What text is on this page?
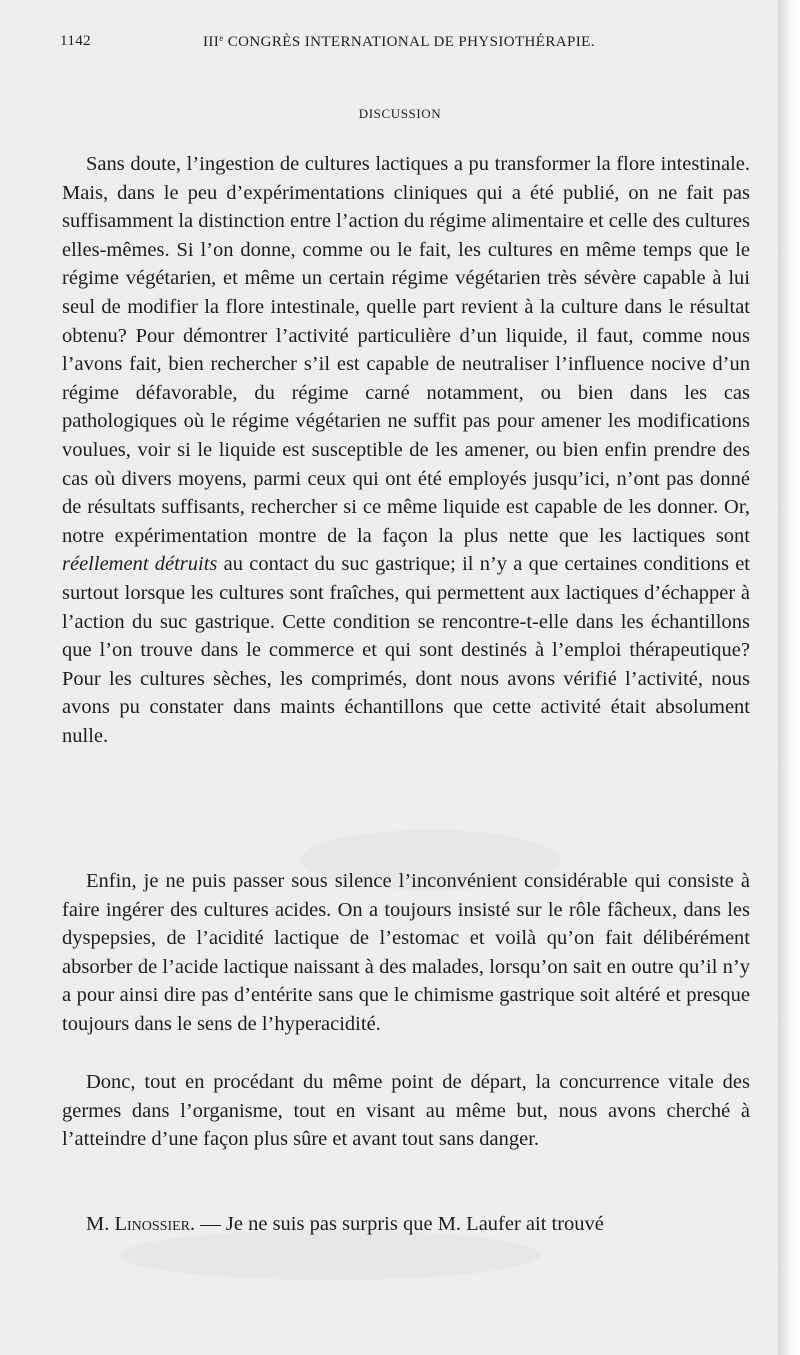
1142	IIIe CONGRÈS INTERNATIONAL DE PHYSIOTHÉRAPIE.
DISCUSSION

Sans doute, l’ingestion de cultures lactiques a pu transformer la flore intestinale. Mais, dans le peu d’expérimentations cliniques qui a été publié, on ne fait pas suffisamment la distinction entre l’action du régime alimentaire et celle des cultures elles-mêmes. Si l’on donne, comme ou le fait, les cultures en même temps que le régime végétarien, et même un certain régime végétarien très sévère capable à lui seul de modifier la flore intestinale, quelle part revient à la culture dans le résultat obtenu? Pour démontrer l’activité particulière d’un liquide, il faut, comme nous l’avons fait, bien rechercher s’il est capable de neutraliser l’influence nocive d’un régime défavorable, du régime carné notamment, ou bien dans les cas pathologiques où le régime végétarien ne suffit pas pour amener les modifications voulues, voir si le liquide est susceptible de les amener, ou bien enfin prendre des cas où divers moyens, parmi ceux qui ont été employés jusqu’ici, n’ont pas donné de résultats suffisants, rechercher si ce même liquide est capable de les donner. Or, notre expérimentation montre de la façon la plus nette que les lactiques sont réellement détruits au contact du suc gastrique; il n’y a que certaines conditions et surtout lorsque les cultures sont fraîches, qui permettent aux lactiques d’échapper à l’action du suc gastrique. Cette condition se rencontre-t-elle dans les échantillons que l’on trouve dans le commerce et qui sont destinés à l’emploi thérapeutique? Pour les cultures sèches, les comprimés, dont nous avons vérifié l’activité, nous avons pu constater dans maints échantillons que cette activité était absolument nulle.

Enfin, je ne puis passer sous silence l’inconvénient considérable qui consiste à faire ingérer des cultures acides. On a toujours insisté sur le rôle fâcheux, dans les dyspepsies, de l’acidité lactique de l’estomac et voilà qu’on fait délibérément absorber de l’acide lactique naissant à des malades, lorsqu’on sait en outre qu’il n’y a pour ainsi dire pas d’entérite sans que le chimisme gastrique soit altéré et presque toujours dans le sens de l’hyperacidité.

Donc, tout en procédant du même point de départ, la concurrence vitale des germes dans l’organisme, tout en visant au même but, nous avons cherché à l’atteindre d’une façon plus sûre et avant tout sans danger.

M. Linossier. — Je ne suis pas surpris que M. Laufer ait trouvé
